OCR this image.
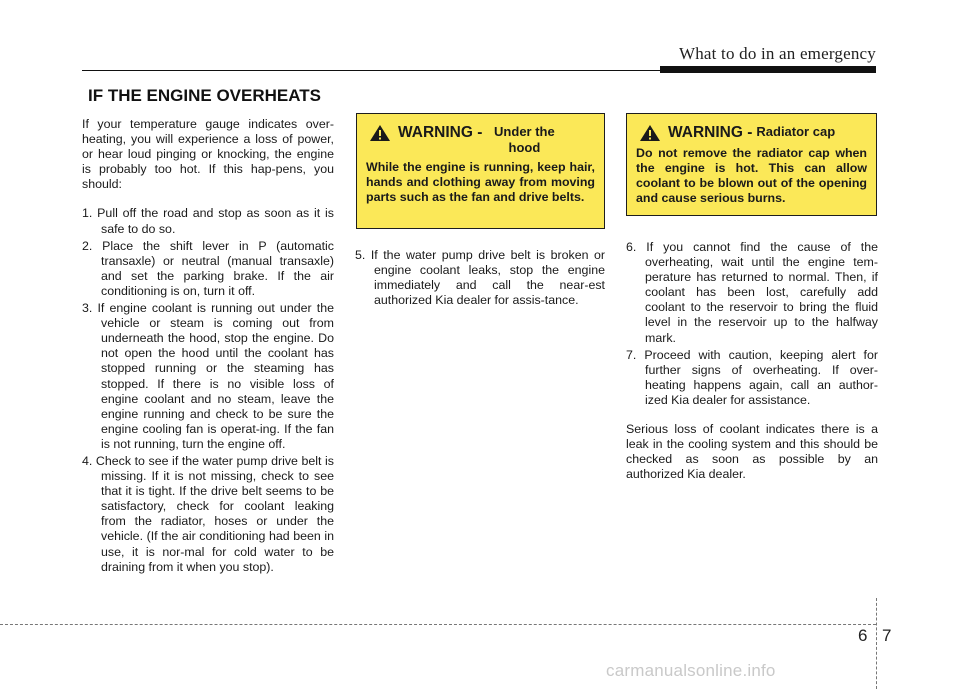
What to do in an emergency
IF THE ENGINE OVERHEATS

If your temperature gauge indicates over-heating, you will experience a loss of power, or hear loud pinging or knocking, the engine is probably too hot. If this hap-pens, you should:

1. Pull off the road and stop as soon as it is safe to do so.

2. Place the shift lever in P (automatic transaxle) or neutral (manual transaxle) and set the parking brake. If the air conditioning is on, turn it off.

3. If engine coolant is running out under the vehicle or steam is coming out from underneath the hood, stop the engine. Do not open the hood until the coolant has stopped running or the steaming has stopped. If there is no visible loss of engine coolant and no steam, leave the engine running and check to be sure the engine cooling fan is operat-ing. If the fan is not running, turn the engine off.

4. Check to see if the water pump drive belt is missing. If it is not missing, check to see that it is tight. If the drive belt seems to be satisfactory, check for coolant leaking from the radiator, hoses or under the vehicle. (If the air conditioning had been in use, it is nor-mal for cold water to be draining from it when you stop).

WARNING - Under the hood
While the engine is running, keep hair, hands and clothing away from moving parts such as the fan and drive belts.

5. If the water pump drive belt is broken or engine coolant leaks, stop the engine immediately and call the near-est authorized Kia dealer for assis-tance.

WARNING - Radiator cap
Do not remove the radiator cap when the engine is hot. This can allow coolant to be blown out of the opening and cause serious burns.

6. If you cannot find the cause of the overheating, wait until the engine tem-perature has returned to normal. Then, if coolant has been lost, carefully add coolant to the reservoir to bring the fluid level in the reservoir up to the halfway mark.

7. Proceed with caution, keeping alert for further signs of overheating. If over-heating happens again, call an author-ized Kia dealer for assistance.

Serious loss of coolant indicates there is a leak in the cooling system and this should be checked as soon as possible by an authorized Kia dealer.

6 7
carmanualsonline.info
